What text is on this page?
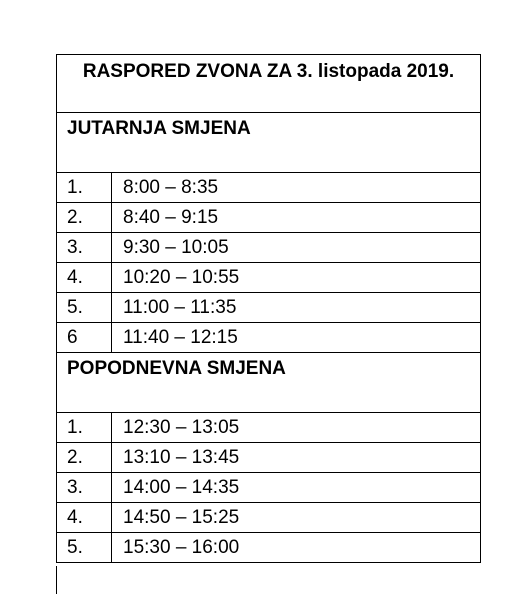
RASPORED ZVONA ZA 3. listopada 2019.	
JUTARNJA SMJENA	
1.	8:00 – 8:35
2.	8:40 – 9:15
3.	9:30 – 10:05
4.	10:20 – 10:55
5.	11:00 – 11:35
6	11:40 – 12:15
POPODNEVNA SMJENA	
1.	12:30 – 13:05
2.	13:10 – 13:45
3.	14:00 – 14:35
4.	14:50 – 15:25
5.	15:30 – 16:00
